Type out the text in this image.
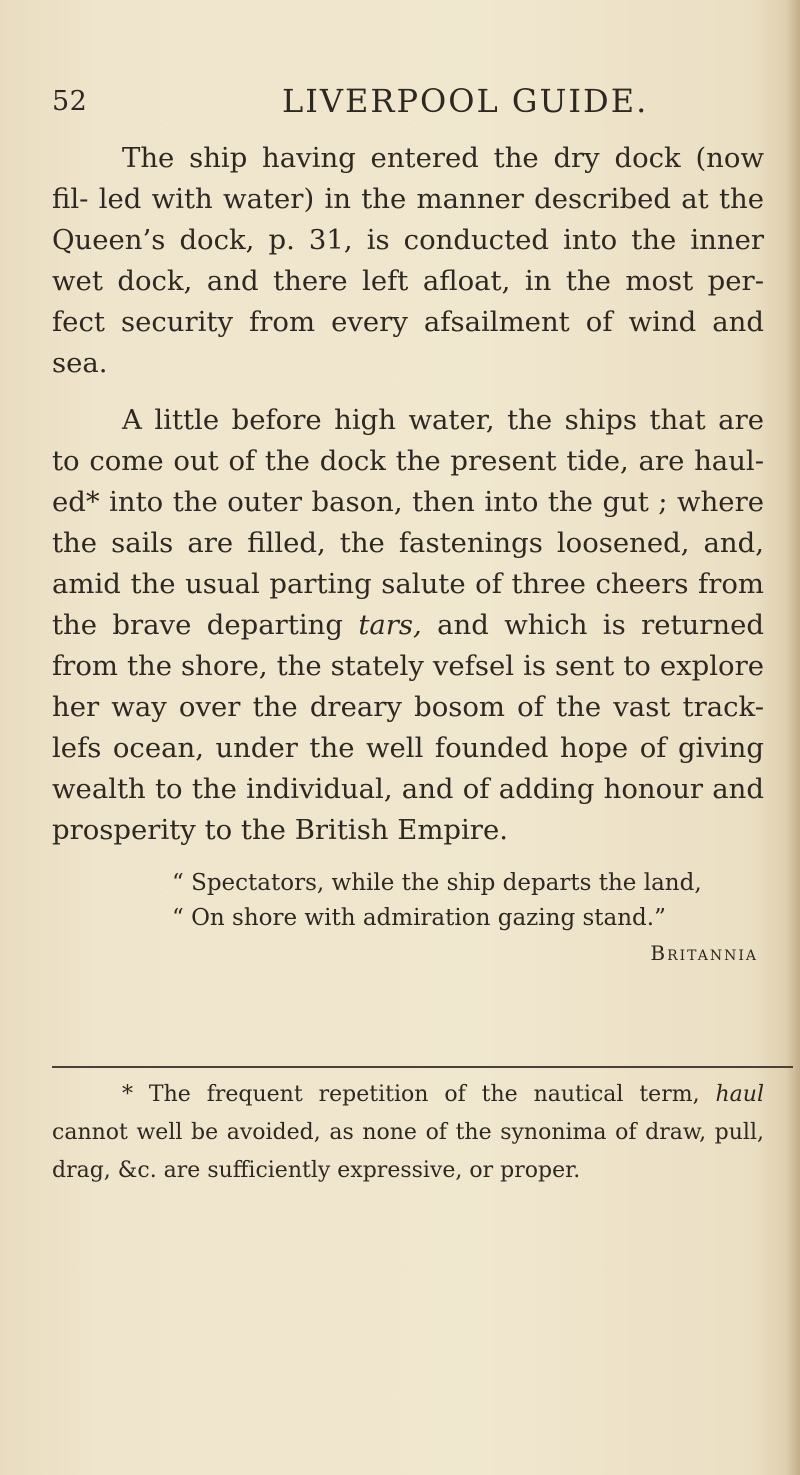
52	LIVERPOOL GUIDE.

The ship having entered the dry dock (now fil- led with water) in the manner described at the Queen’s dock, p. 31, is conducted into the inner wet dock, and there left afloat, in the most per- fect security from every afsailment of wind and sea.

A little before high water, the ships that are to come out of the dock the present tide, are haul- ed* into the outer bason, then into the gut ; where the sails are filled, the fastenings loosened, and, amid the usual parting salute of three cheers from the brave departing tars, and which is returned from the shore, the stately vefsel is sent to explore her way over the dreary bosom of the vast track- lefs ocean, under the well founded hope of giving wealth to the individual, and of adding honour and prosperity to the British Empire.

“ Spectators, while the ship departs the land,
“ On shore with admiration gazing stand.”
Britannia

* The frequent repetition of the nautical term, haul cannot well be avoided, as none of the synonima of draw, pull, drag, &c. are sufficiently expressive, or proper.
